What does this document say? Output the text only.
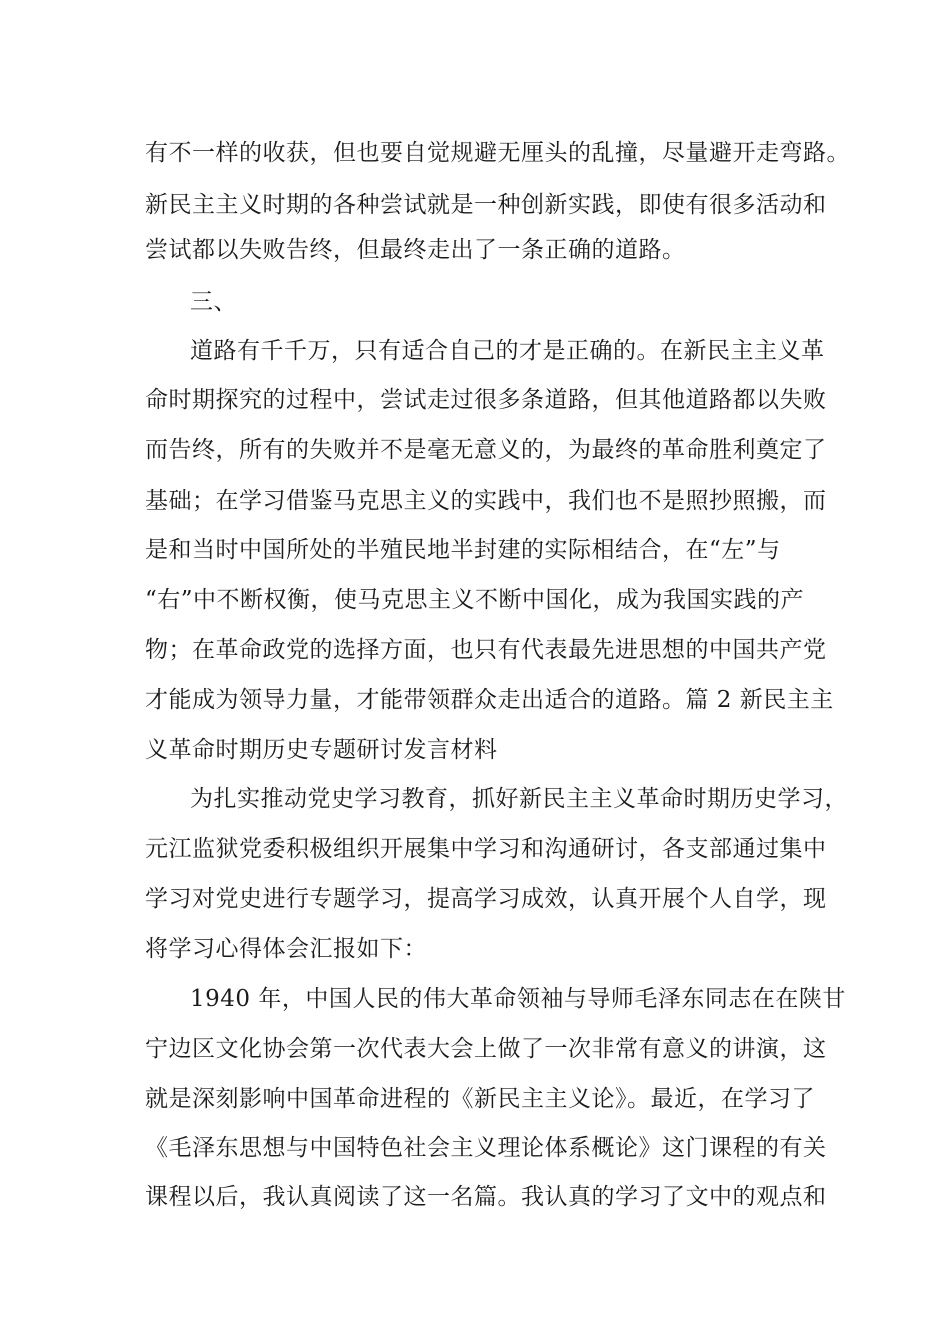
有不一样的收获，但也要自觉规避无厘头的乱撞，尽量避开走弯路。
新民主主义时期的各种尝试就是一种创新实践，即使有很多活动和
尝试都以失败告终，但最终走出了一条正确的道路。
三、
道路有千千万，只有适合自己的才是正确的。在新民主主义革
命时期探究的过程中，尝试走过很多条道路，但其他道路都以失败
而告终，所有的失败并不是毫无意义的，为最终的革命胜利奠定了
基础；在学习借鉴马克思主义的实践中，我们也不是照抄照搬，而
是和当时中国所处的半殖民地半封建的实际相结合，在“左”与
“右”中不断权衡，使马克思主义不断中国化，成为我国实践的产
物；在革命政党的选择方面，也只有代表最先进思想的中国共产党
才能成为领导力量，才能带领群众走出适合的道路。篇 2 新民主主
义革命时期历史专题研讨发言材料
为扎实推动党史学习教育，抓好新民主主义革命时期历史学习，
元江监狱党委积极组织开展集中学习和沟通研讨，各支部通过集中
学习对党史进行专题学习，提高学习成效，认真开展个人自学，现
将学习心得体会汇报如下：
1940 年，中国人民的伟大革命领袖与导师毛泽东同志在在陕甘
宁边区文化协会第一次代表大会上做了一次非常有意义的讲演，这
就是深刻影响中国革命进程的《新民主主义论》。最近，在学习了
《毛泽东思想与中国特色社会主义理论体系概论》这门课程的有关
课程以后，我认真阅读了这一名篇。我认真的学习了文中的观点和
